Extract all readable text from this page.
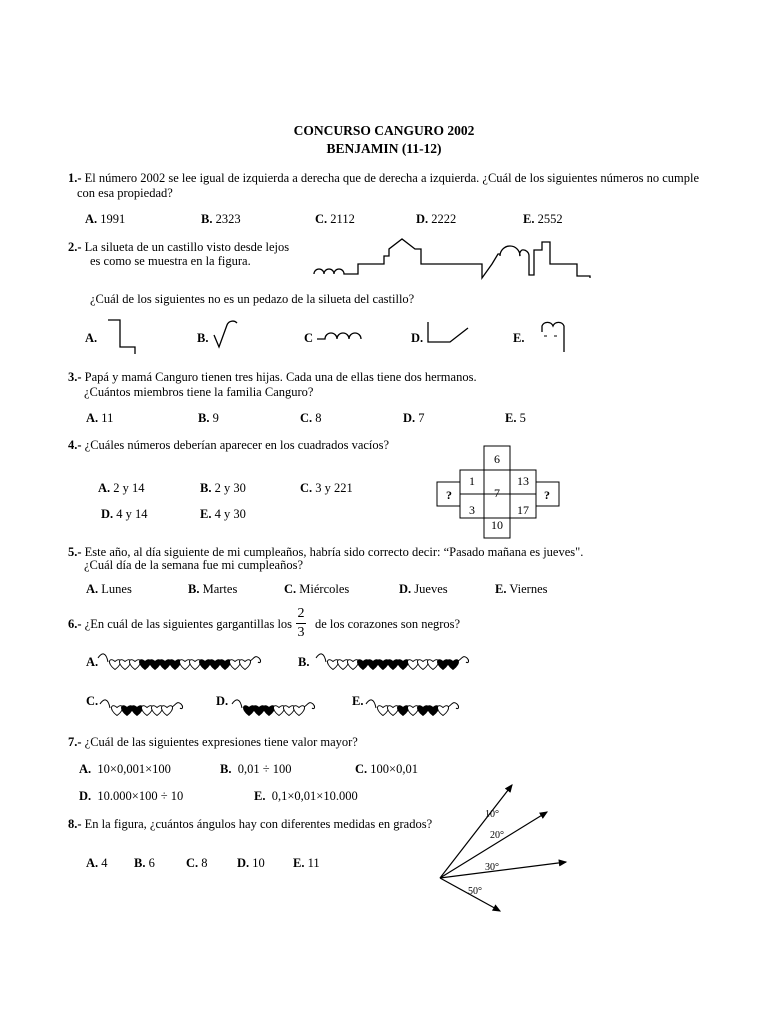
CONCURSO CANGURO 2002
BENJAMIN (11-12)
1.- El número 2002 se lee igual de izquierda a derecha que de derecha a izquierda. ¿Cuál de los siguientes números no cumple
con esa propiedad?
A. 1991	B. 2323	C. 2112	D. 2222	E. 2552
2.- La silueta de un castillo visto desde lejos
es como se muestra en la figura.
¿Cuál de los siguientes no es un pedazo de la silueta del castillo?
A.	B.	C	D.	E.
3.- Papá y mamá Canguro tienen tres hijas. Cada una de ellas tiene dos hermanos.
¿Cuántos miembros tiene la familia Canguro?
A. 11	B. 9	C. 8	D. 7	E. 5
4.- ¿Cuáles números deberían aparecer en los cuadrados vacíos?
A. 2 y 14	B. 2 y 30	C. 3 y 221
D. 4 y 14	E. 4 y 30
6
1
7
13
3	17
10
?	?
5.- Este año, al día siguiente de mi cumpleaños, habría sido correcto decir: “Pasado mañana es jueves".
¿Cuál día de la semana fue mi cumpleaños?
A. Lunes	B. Martes	C. Miércoles	D. Jueves	E. Viernes
6.- ¿En cuál de las siguientes gargantillas los
2
3
de los corazones son negros?
A.	B.
C.	D.	E.
7.- ¿Cuál de las siguientes expresiones tiene valor mayor?
A. 10×0,001×100	B. 0,01 ÷ 100	C. 100×0,01
D. 10.000×100 ÷ 10	E. 0,1×0,01×10.000
8.- En la figura, ¿cuántos ángulos hay con diferentes medidas en grados?
A. 4 B. 6 C. 8 D. 10 E. 11
10°
20°
30°
50°
